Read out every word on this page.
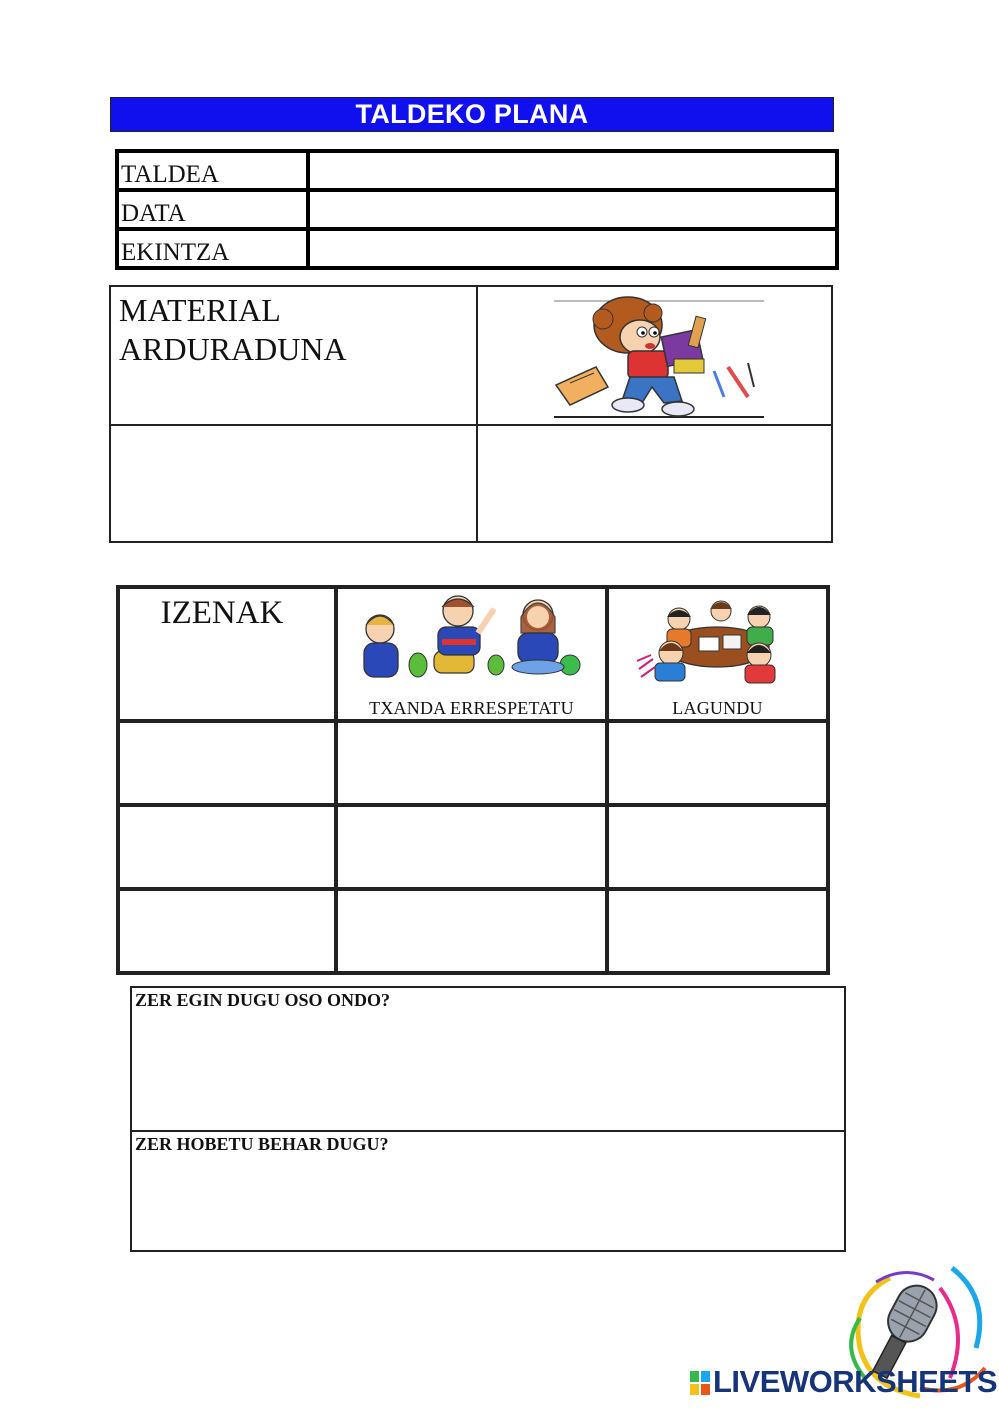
TALDEKO PLANA
TALDEA	
DATA	
EKINTZA	
MATERIAL
ARDURADUNA

IZENAK	TXANDA ERRESPETATU	LAGUNDU

ZER EGIN DUGU OSO ONDO?

ZER HOBETU BEHAR DUGU?
LIVEWORKSHEETS
